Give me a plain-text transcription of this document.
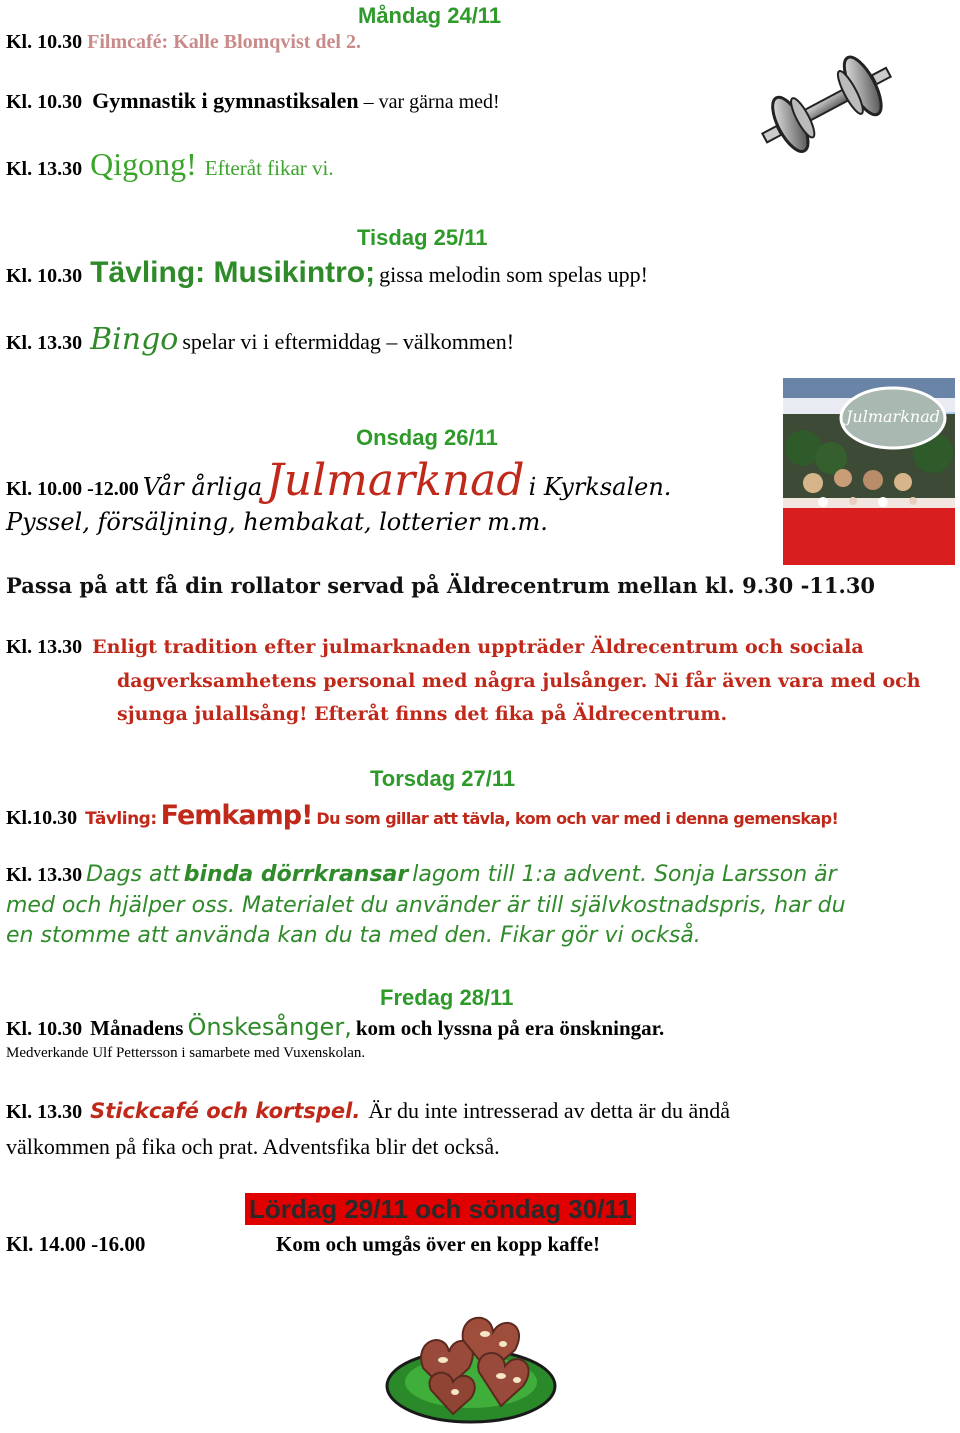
Måndag 24/11
Kl. 10.30 Filmcafé: Kalle Blomqvist del 2.
Kl. 10.30 Gymnastik i gymnastiksalen – var gärna med!
Kl. 13.30 Qigong! Efteråt fikar vi.
Tisdag 25/11
Kl. 10.30 Tävling: Musikintro; gissa melodin som spelas upp!
Kl. 13.30 Bingo spelar vi i eftermiddag – välkommen!
Onsdag 26/11
Kl. 10.00 -12.00 Vår årliga Julmarknad i Kyrksalen.
Pyssel, försäljning, hembakat, lotterier m.m.
Passa på att få din rollator servad på Äldrecentrum mellan kl. 9.30 -11.30
Kl. 13.30 Enligt tradition efter julmarknaden uppträder Äldrecentrum och sociala
dagverksamhetens personal med några julsånger. Ni får även vara med och
sjunga julallsång! Efteråt finns det fika på Äldrecentrum.
Julmarknad
Torsdag 27/11
Kl.10.30 Tävling: Femkamp! Du som gillar att tävla, kom och var med i denna gemenskap!
Kl. 13.30 Dags att binda dörrkransar lagom till 1:a advent. Sonja Larsson är
med och hjälper oss. Materialet du använder är till självkostnadspris, har du
en stomme att använda kan du ta med den. Fikar gör vi också.
Fredag 28/11
Kl. 10.30 Månadens Önskesånger, kom och lyssna på era önskningar.
Medverkande Ulf Pettersson i samarbete med Vuxenskolan.
Kl. 13.30 Stickcafé och kortspel. Är du inte intresserad av detta är du ändå
välkommen på fika och prat. Adventsfika blir det också.
Lördag 29/11 och söndag 30/11
Kl. 14.00 -16.00	Kom och umgås över en kopp kaffe!
